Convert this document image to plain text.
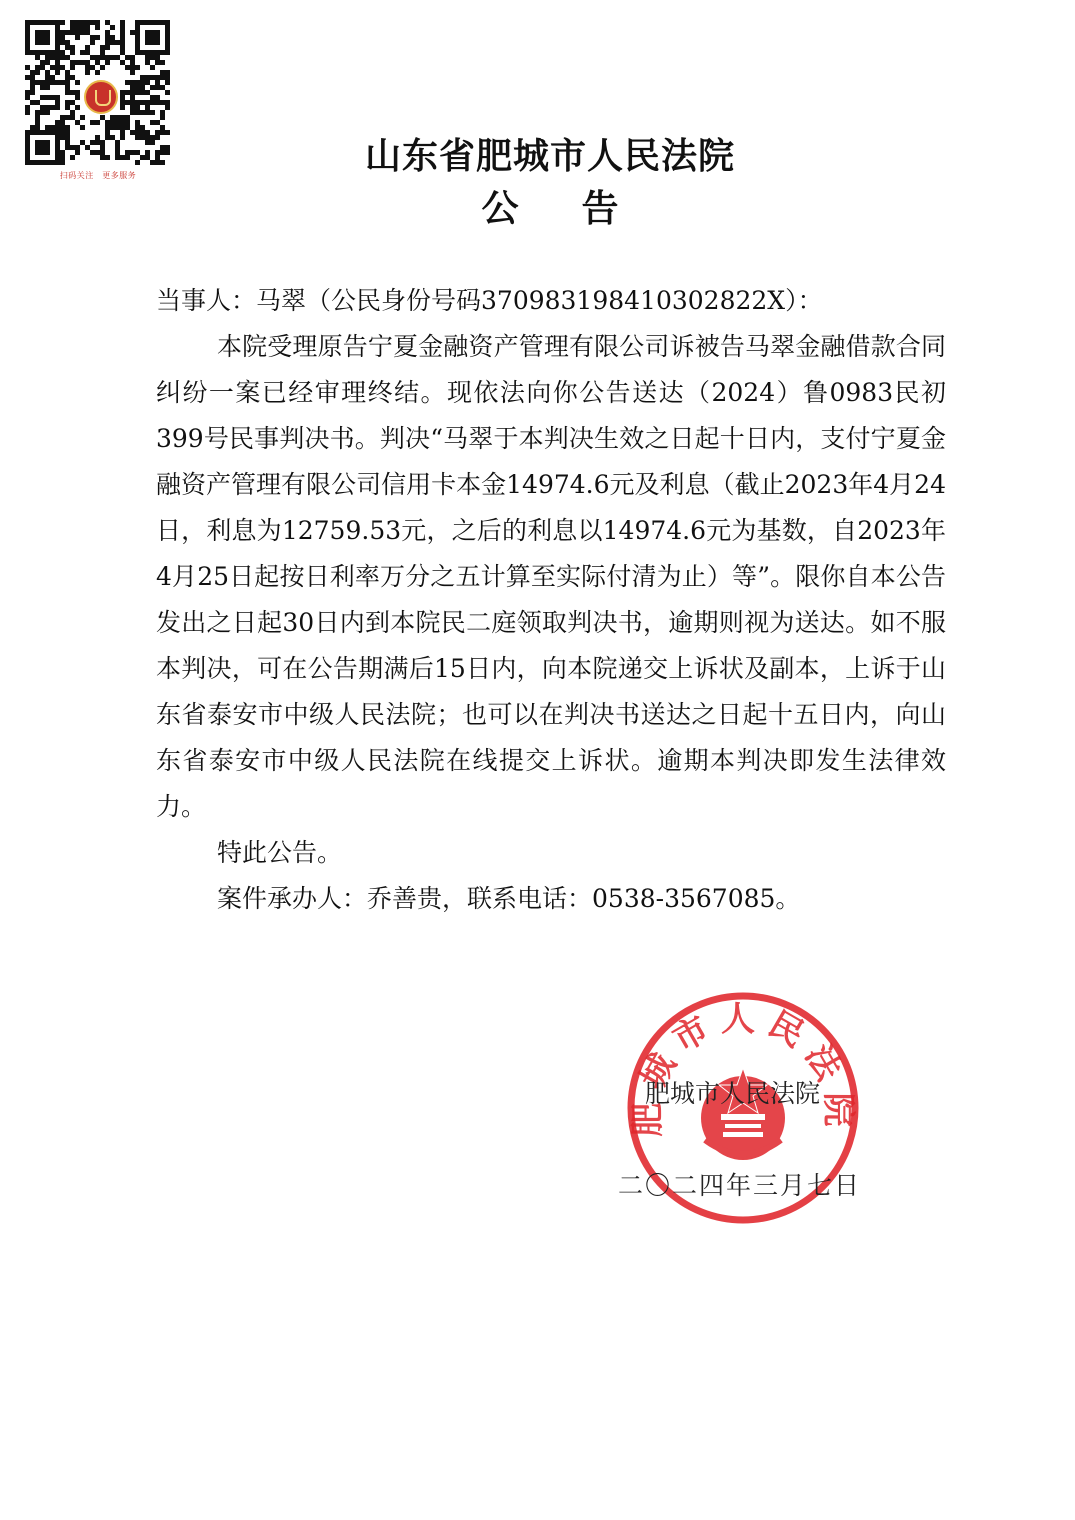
扫码关注　更多服务	山东省肥城市人民法院
公 告

当事人：马翠（公民身份号码370983198410302822X）：

本院受理原告宁夏金融资产管理有限公司诉被告马翠金融借款合同纠纷一案已经审理终结。现依法向你公告送达（2024）鲁0983民初399号民事判决书。判决“马翠于本判决生效之日起十日内，支付宁夏金融资产管理有限公司信用卡本金14974.6元及利息（截止2023年4月24日，利息为12759.53元，之后的利息以14974.6元为基数，自2023年4月25日起按日利率万分之五计算至实际付清为止）等”。限你自本公告发出之日起30日内到本院民二庭领取判决书，逾期则视为送达。如不服本判决，可在公告期满后15日内，向本院递交上诉状及副本，上诉于山东省泰安市中级人民法院；也可以在判决书送达之日起十五日内，向山东省泰安市中级人民法院在线提交上诉状。逾期本判决即发生法律效力。

特此公告。

案件承办人：乔善贵，联系电话：0538-3567085。

肥城市人民法院

肥城市人民法院

二〇二四年三月七日
